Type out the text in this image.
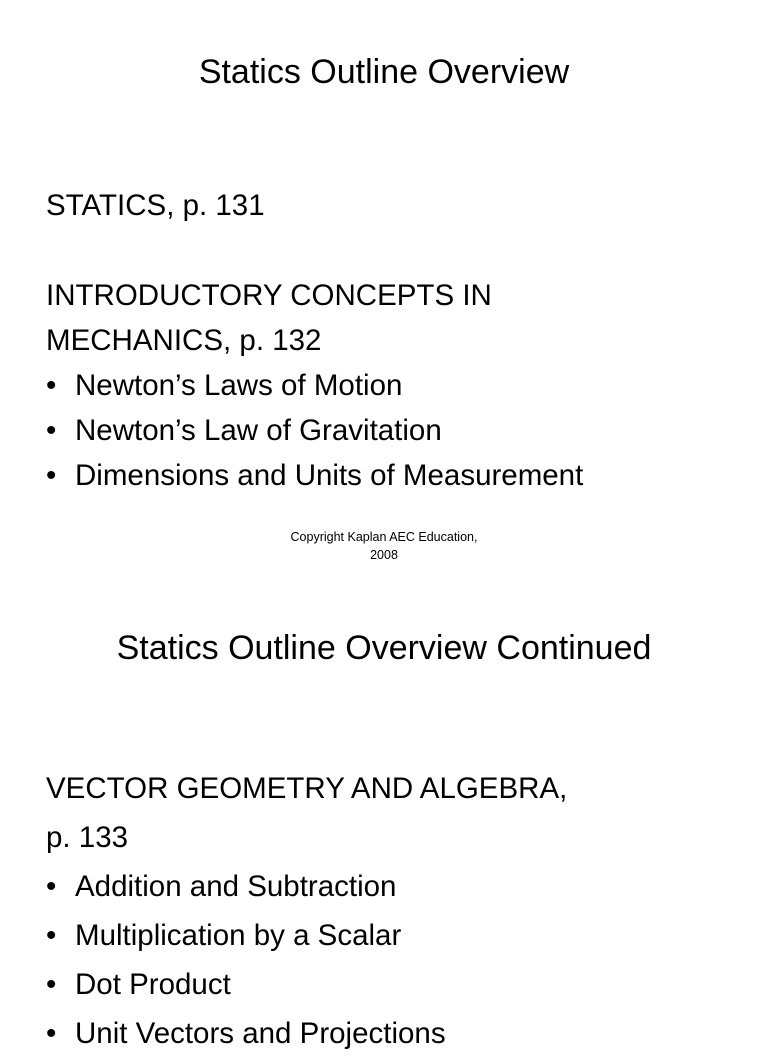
Statics Outline Overview
STATICS, p. 131
INTRODUCTORY CONCEPTS IN
MECHANICS, p. 132
• Newton’s Laws of Motion
• Newton’s Law of Gravitation
• Dimensions and Units of Measurement
Copyright Kaplan AEC Education,
2008
Statics Outline Overview Continued
VECTOR GEOMETRY AND ALGEBRA,
p. 133
• Addition and Subtraction
• Multiplication by a Scalar
• Dot Product
• Unit Vectors and Projections
